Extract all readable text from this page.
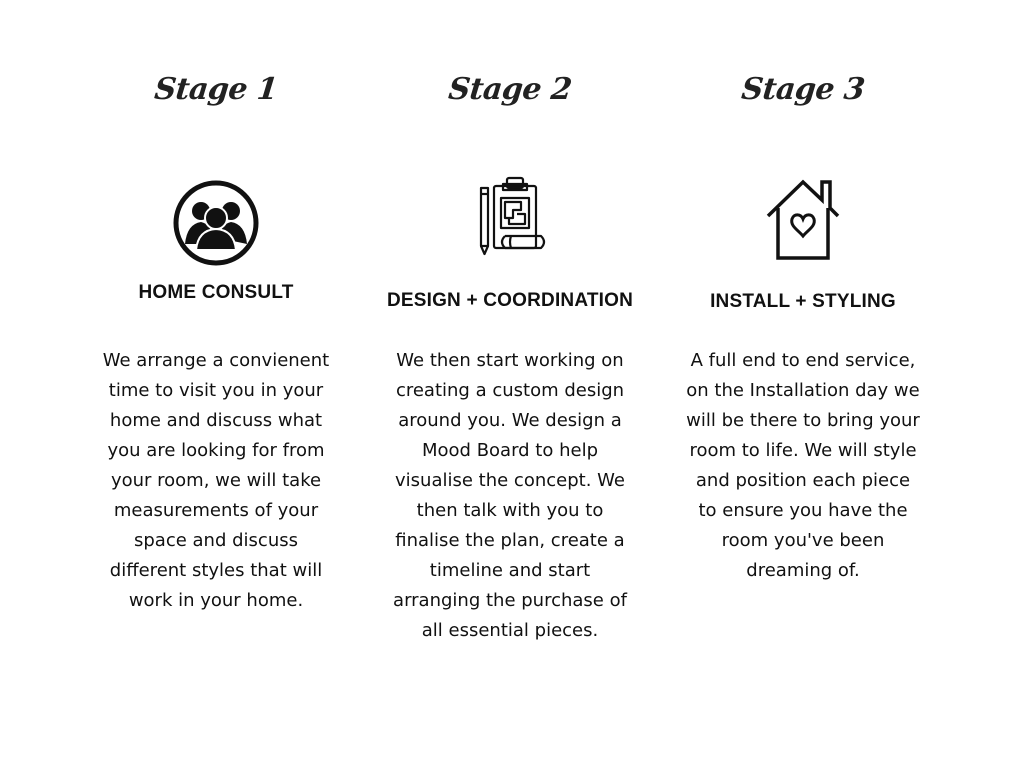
Stage 1
HOME CONSULT
We arrange a convienent
time to visit you in your
home and discuss what
you are looking for from
your room, we will take
measurements of your
space and discuss
different styles that will
work in your home.
Stage 2
DESIGN + COORDINATION
We then start working on
creating a custom design
around you. We design a
Mood Board to help
visualise the concept. We
then talk with you to
finalise the plan, create a
timeline and start
arranging the purchase of
all essential pieces.
Stage 3
INSTALL + STYLING
A full end to end service,
on the Installation day we
will be there to bring your
room to life. We will style
and position each piece
to ensure you have the
room you've been
dreaming of.
